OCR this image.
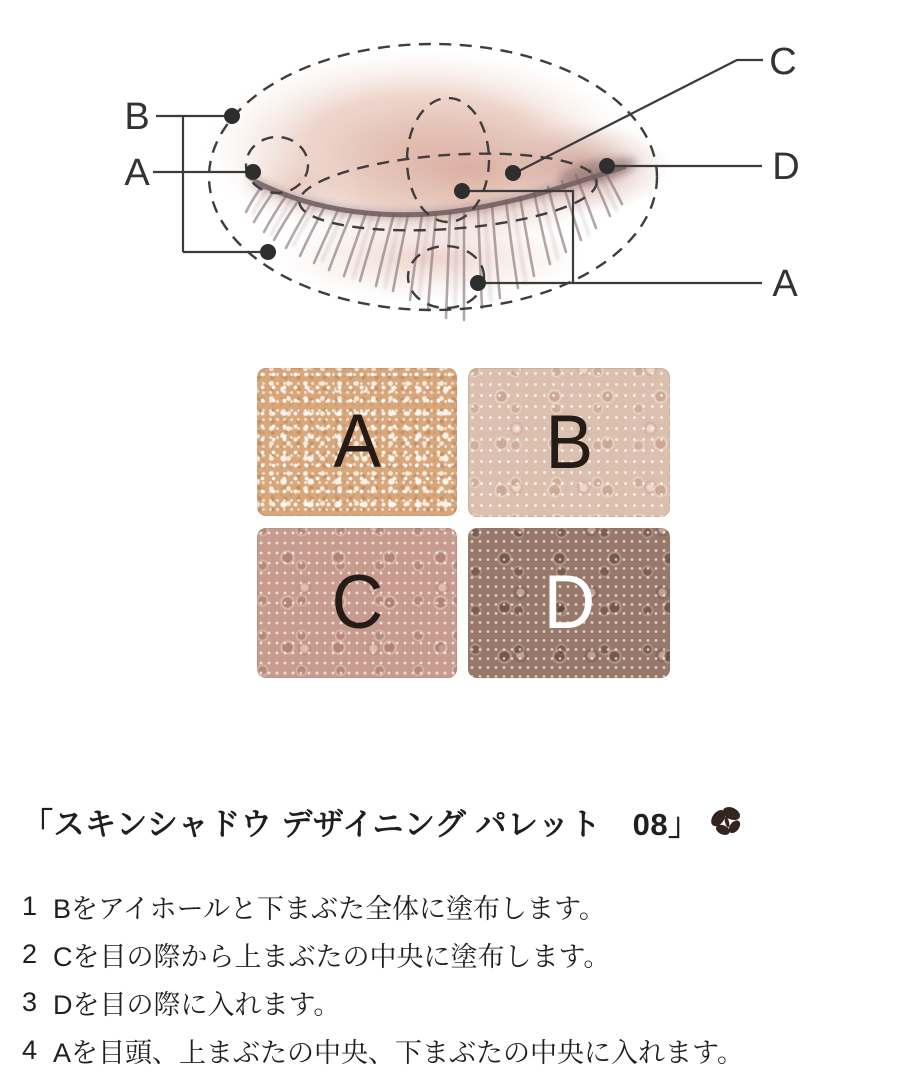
B
A
C
D
A
A B
C D
「スキンシャドウ デザイニング パレット　08」
1 Bをアイホールと下まぶた全体に塗布します。
2 Cを目の際から上まぶたの中央に塗布します。
3 Dを目の際に入れます。
4 Aを目頭、上まぶたの中央、下まぶたの中央に入れます。
